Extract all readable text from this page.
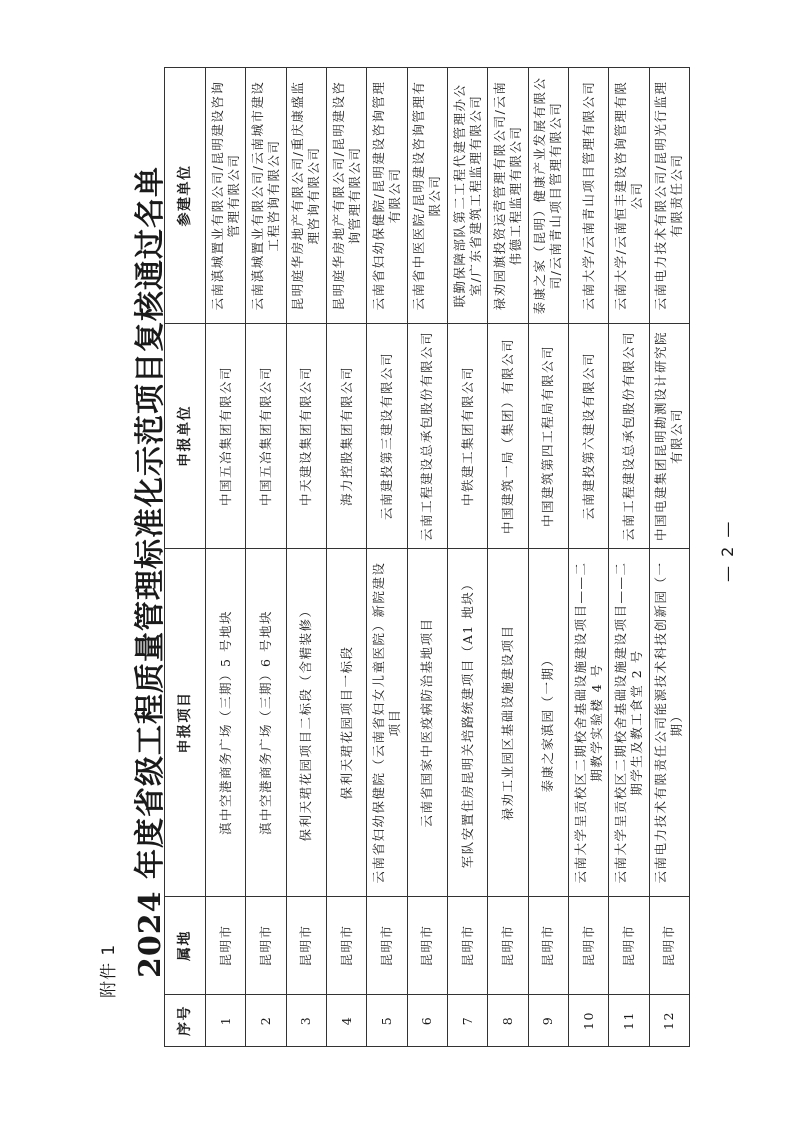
附件 1 2024 年度省级工程质量管理标准化示范项目复核通过名单
序号	属地	申报项目	申报单位	参建单位
1	昆明市	滇中空港商务广场（三期）5 号地块	中国五冶集团有限公司	云南滇城置业有限公司/昆明建设咨询管理有限公司
2	昆明市	滇中空港商务广场（三期）6 号地块	中国五冶集团有限公司	云南滇城置业有限公司/云南城市建设工程咨询有限公司
3	昆明市	保利天珺花园项目二标段（含精装修）	中天建设集团有限公司	昆明庭华房地产有限公司/重庆康盛监理咨询有限公司
4	昆明市	保利天珺花园项目一标段	海力控股集团有限公司	昆明庭华房地产有限公司/昆明建设咨询管理有限公司
5	昆明市	云南省妇幼保健院（云南省妇女儿童医院）新院建设项目	云南建投第三建设有限公司	云南省妇幼保健院/昆明建设咨询管理有限公司
6	昆明市	云南省国家中医疫病防治基地项目	云南工程建设总承包股份有限公司	云南省中医医院/昆明建设咨询管理有限公司
7	昆明市	军队安置住房昆明关培路统建项目（A1 地块）	中铁建工集团有限公司	联勤保障部队第二工程代建管理办公室/广东省建筑工程监理有限公司
8	昆明市	禄劝工业园区基础设施建设项目	中国建筑一局（集团）有限公司	禄劝园旗投资运营管理有限公司/云南伟德工程监理有限公司
9	昆明市	泰康之家滇园（一期）	中国建筑第四工程局有限公司	泰康之家（昆明）健康产业发展有限公司/云南青山项目管理有限公司
10	昆明市	云南大学呈贡校区二期校舍基础设施建设项目——二期教学实验楼 4 号	云南建投第六建设有限公司	云南大学/云南青山项目管理有限公司
11	昆明市	云南大学呈贡校区二期校舍基础设施建设项目——二期学生及教工食堂 2 号	云南工程建设总承包股份有限公司	云南大学/云南恒丰建设咨询管理有限公司
12	昆明市	云南电力技术有限责任公司能源技术科技创新园（一期）	中国电建集团昆明勘测设计研究院有限公司	云南电力技术有限公司/昆明光行监理有限责任公司
— 2 —
